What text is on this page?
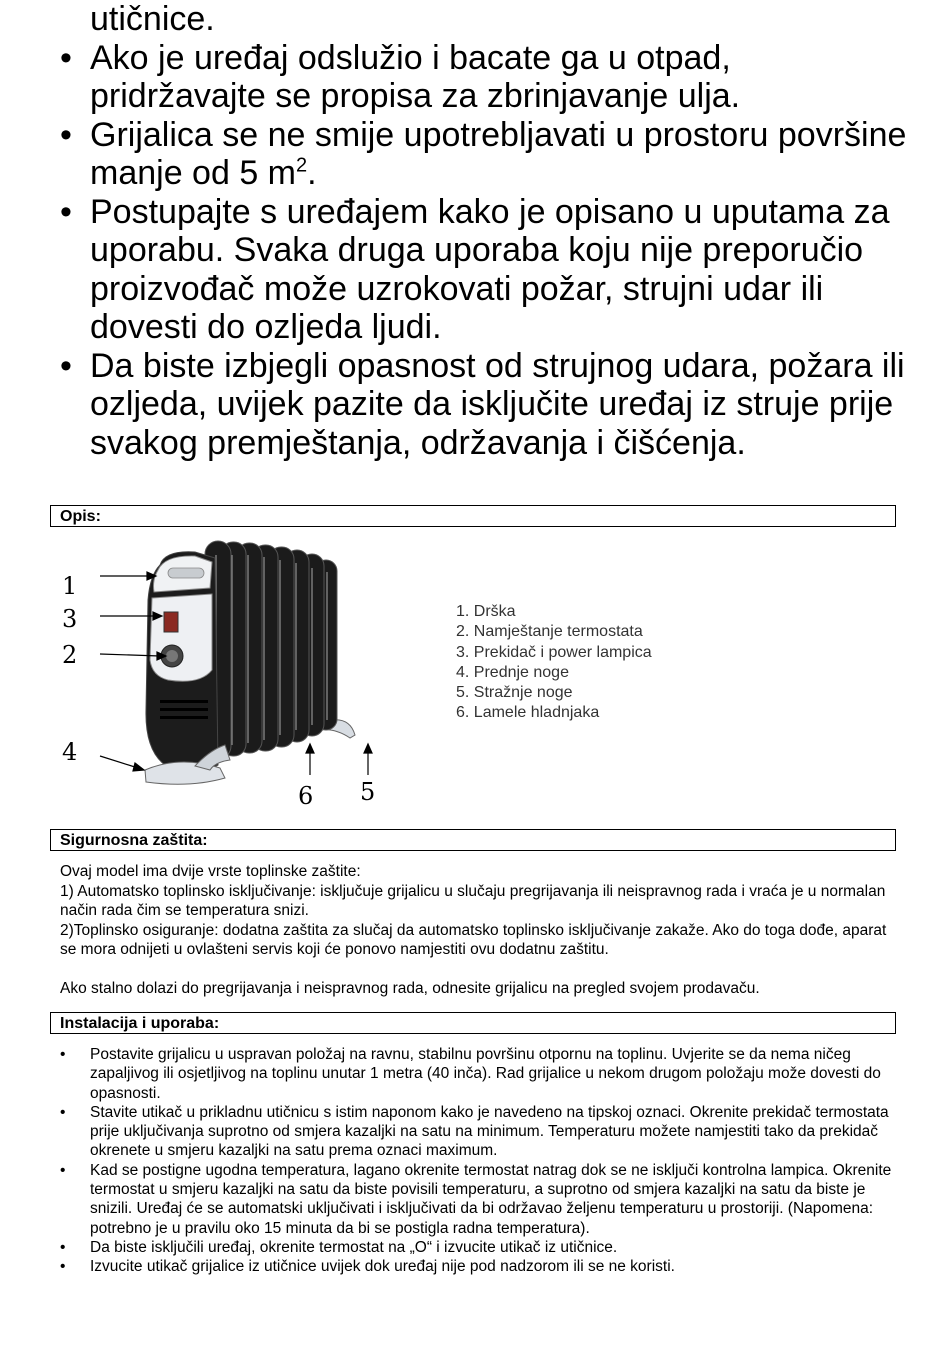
utičnice.
• Ako je uređaj odslužio i bacate ga u otpad,
pridržavajte se propisa za zbrinjavanje ulja.
• Grijalica se ne smije upotrebljavati u prostoru površine
manje od 5 $m^2$.
• Postupajte s uređajem kako je opisano u uputama za
uporabu. Svaka druga uporaba koju nije preporučio
proizvođač može uzrokovati požar, strujni udar ili
dovesti do ozljeda ljudi.
• Da biste izbjegli opasnost od strujnog udara, požara ili
ozljeda, uvijek pazite da isključite uređaj iz struje prije
svakog premještanja, održavanja i čišćenja.
Opis:
1
3
2
4
6 5
1. Drška
2. Namještanje termostata
3. Prekidač i power lampica
4. Prednje noge
5. Stražnje noge
6. Lamele hladnjaka
Sigurnosna zaštita:

Ovaj model ima dvije vrste toplinske zaštite:

1) Automatsko toplinsko isključivanje: isključuje grijalicu u slučaju pregrijavanja ili neispravnog rada i vraća je u normalan način rada čim se temperatura snizi.

2)Toplinsko osiguranje: dodatna zaštita za slučaj da automatsko toplinsko isključivanje zakaže. Ako do toga dođe, aparat se mora odnijeti u ovlašteni servis koji će ponovo namjestiti ovu dodatnu zaštitu.

Ako stalno dolazi do pregrijavanja i neispravnog rada, odnesite grijalicu na pregled svojem prodavaču.

Instalacija i uporaba:
• Postavite grijalicu u uspravan položaj na ravnu, stabilnu površinu otpornu na toplinu. Uvjerite se da nema ničeg zapaljivog ili osjetljivog na toplinu unutar 1 metra (40 inča). Rad grijalice u nekom drugom položaju može dovesti do opasnosti.
• Stavite utikač u prikladnu utičnicu s istim naponom kako je navedeno na tipskoj oznaci. Okrenite prekidač termostata prije uključivanja suprotno od smjera kazaljki na satu na minimum. Temperaturu možete namjestiti tako da prekidač okrenete u smjeru kazaljki na satu prema oznaci maximum.
• Kad se postigne ugodna temperatura, lagano okrenite termostat natrag dok se ne isključi kontrolna lampica. Okrenite termostat u smjeru kazaljki na satu da biste povisili temperaturu, a suprotno od smjera kazaljki na satu da biste je snizili. Uređaj će se automatski uključivati i isključivati da bi održavao željenu temperaturu u prostoriji. (Napomena: potrebno je u pravilu oko 15 minuta da bi se postigla radna temperatura).
• Da biste isključili uređaj, okrenite termostat na „O“ i izvucite utikač iz utičnice.
• Izvucite utikač grijalice iz utičnice uvijek dok uređaj nije pod nadzorom ili se ne koristi.
